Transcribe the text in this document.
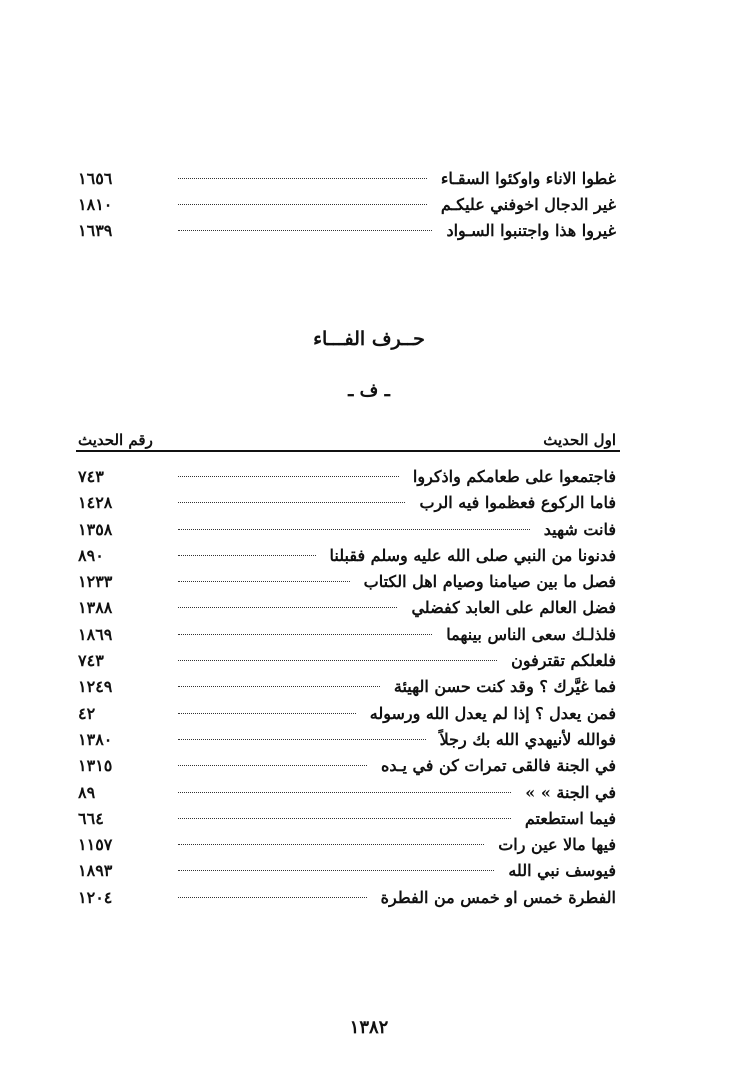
غطوا الاناء واوكئوا السقـاء
١٦٥٦
غير الدجال اخوفني عليكـم
١٨١٠
غيروا هذا واجتنبوا السـواد
١٦٣٩
حــرف الفـــاء
ـ ف ـ
رقم الحديث	اول الحديث
فاجتمعوا على طعامكم واذكروا
٧٤٣
فاما الركوع فعظموا فيه الرب
١٤٢٨
فانت شهيد
١٣٥٨
فدنونا من النبي صلى الله عليه وسلم فقبلنا
٨٩٠
فصل ما بين صيامنا وصيام اهل الكتاب
١٢٣٣
فضل العالم على العابد كفضلي
١٣٨٨
فلذلـك سعى الناس بينهما
١٨٦٩
فلعلكم تقترفون
٧٤٣
فما غيَّرك ؟ وقد كنت حسن الهيئة
١٢٤٩
فمن يعدل ؟ إذا لم يعدل الله ورسوله
٤٢
فوالله لأنيهدي الله بك رجلاً
١٣٨٠
في الجنة فالقى تمرات كن في يـده
١٣١٥
في الجنة » »
٨٩
فيما استطعتم
٦٦٤
فيها مالا عين رات
١١٥٧
فيوسف نبي الله
١٨٩٣
الفطرة خمس او خمس من الفطرة
١٢٠٤
١٣٨٢
